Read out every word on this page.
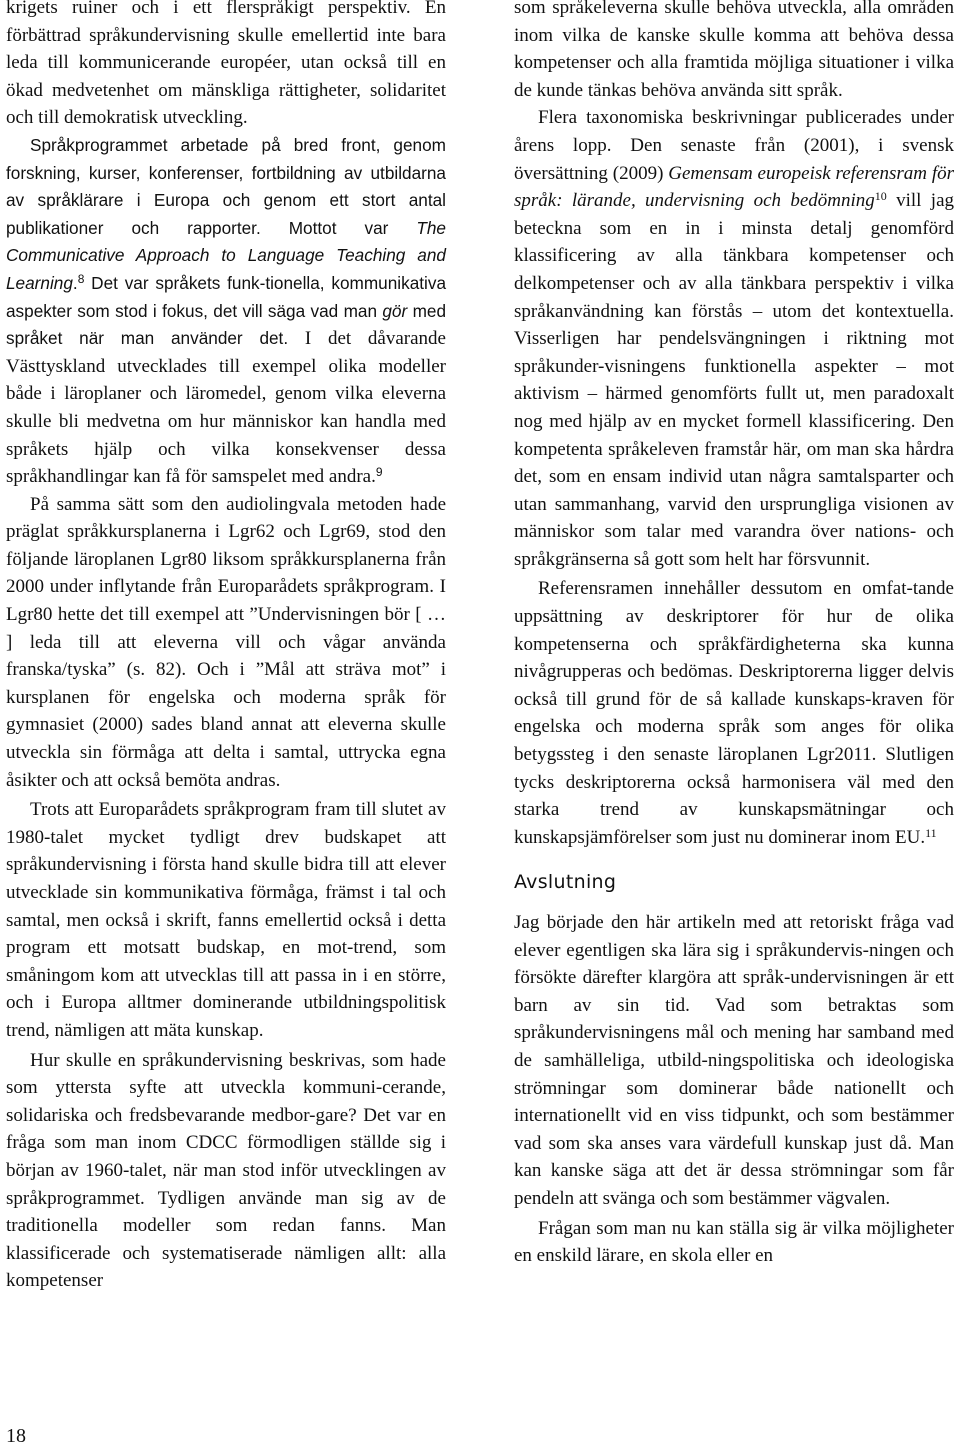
krigets ruiner och i ett flerspråkigt perspektiv. En förbättrad språkundervisning skulle emellertid inte bara leda till kommunicerande européer, utan också till en ökad medvetenhet om mänskliga rättigheter, solidaritet och till demokratisk utveckling.

Språkprogrammet arbetade på bred front, genom forskning, kurser, konferenser, fortbildning av utbildarna av språklärare i Europa och genom ett stort antal publikationer och rapporter. Mottot var The Communicative Approach to Language Teaching and Learning.$^8$ Det var språkets funk-tionella, kommunikativa aspekter som stod i fokus, det vill säga vad man gör med språket när man använder det. I det dåvarande Västtyskland utvecklades till exempel olika modeller både i läroplaner och läromedel, genom vilka eleverna skulle bli medvetna om hur människor kan handla med språkets hjälp och vilka konsekvenser dessa språkhandlingar kan få för samspelet med andra.$^9$

På samma sätt som den audiolingvala metoden hade präglat språkkursplanerna i Lgr62 och Lgr69, stod den följande läroplanen Lgr80 liksom språkkursplanerna från 2000 under inflytande från Europarådets språkprogram. I Lgr80 hette det till exempel att ”Undervisningen bör [ … ] leda till att eleverna vill och vågar använda franska/tyska” (s. 82). Och i ”Mål att sträva mot” i kursplanen för engelska och moderna språk för gymnasiet (2000) sades bland annat att eleverna skulle utveckla sin förmåga att delta i samtal, uttrycka egna åsikter och att också bemöta andras.

Trots att Europarådets språkprogram fram till slutet av 1980-talet mycket tydligt drev budskapet att språkundervisning i första hand skulle bidra till att elever utvecklade sin kommunikativa förmåga, främst i tal och samtal, men också i skrift, fanns emellertid också i detta program ett motsatt budskap, en mot-trend, som småningom kom att utvecklas till att passa in i en större, och i Europa alltmer dominerande utbildningspolitisk trend, nämligen att mäta kunskap.

Hur skulle en språkundervisning beskrivas, som hade som yttersta syfte att utveckla kommuni-cerande, solidariska och fredsbevarande medbor-gare? Det var en fråga som man inom CDCC förmodligen ställde sig i början av 1960-talet, när man stod inför utvecklingen av språkprogrammet. Tydligen använde man sig av de traditionella modeller som redan fanns. Man klassificerade och systematiserade nämligen allt: alla kompetenser

som språkeleverna skulle behöva utveckla, alla områden inom vilka de kanske skulle komma att behöva dessa kompetenser och alla framtida möjliga situationer i vilka de kunde tänkas behöva använda sitt språk.

Flera taxonomiska beskrivningar publicerades under årens lopp. Den senaste från (2001), i svensk översättning (2009) Gemensam europeisk referensram för språk: lärande, undervisning och bedömning$^{10}$ vill jag beteckna som en in i minsta detalj genomförd klassificering av alla tänkbara kompetenser och delkompetenser och av alla tänkbara perspektiv i vilka språkanvändning kan förstås – utom det kontextuella. Visserligen har pendelsvängningen i riktning mot språkunder-visningens funktionella aspekter – mot aktivism – härmed genomförts fullt ut, men paradoxalt nog med hjälp av en mycket formell klassificering. Den kompetenta språkeleven framstår här, om man ska hårdra det, som en ensam individ utan några samtalsparter och utan sammanhang, varvid den ursprungliga visionen av människor som talar med varandra över nations- och språkgränserna så gott som helt har försvunnit.

Referensramen innehåller dessutom en omfat-tande uppsättning av deskriptorer för hur de olika kompetenserna och språkfärdigheterna ska kunna nivågrupperas och bedömas. Deskriptorerna ligger delvis också till grund för de så kallade kunskaps-kraven för engelska och moderna språk som anges för olika betygssteg i den senaste läroplanen Lgr2011. Slutligen tycks deskriptorerna också harmonisera väl med den starka trend av kunskapsmätningar och kunskapsjämförelser som just nu dominerar inom EU.$^{11}$

Avslutning

Jag började den här artikeln med att retoriskt fråga vad elever egentligen ska lära sig i språkundervis-ningen och försökte därefter klargöra att språk-undervisningen är ett barn av sin tid. Vad som betraktas som språkundervisningens mål och mening har samband med de samhälleliga, utbild-ningspolitiska och ideologiska strömningar som dominerar både nationellt och internationellt vid en viss tidpunkt, och som bestämmer vad som ska anses vara värdefull kunskap just då. Man kan kanske säga att det är dessa strömningar som får pendeln att svänga och som bestämmer vägvalen.

Frågan som man nu kan ställa sig är vilka möjligheter en enskild lärare, en skola eller en

18
